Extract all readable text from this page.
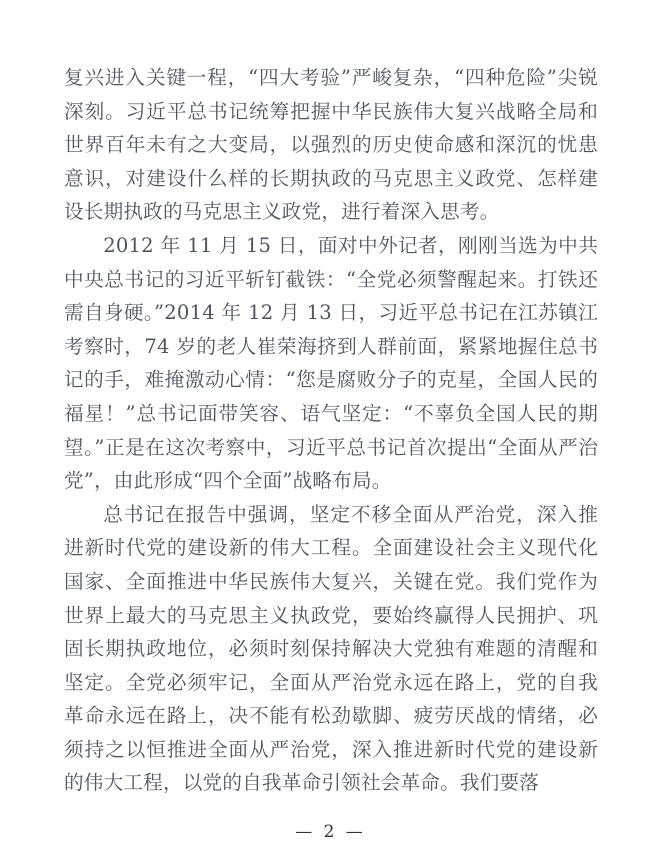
复兴进入关键一程，“四大考验”严峻复杂，“四种危险”尖锐深刻。习近平总书记统筹把握中华民族伟大复兴战略全局和世界百年未有之大变局，以强烈的历史使命感和深沉的忧患意识，对建设什么样的长期执政的马克思主义政党、怎样建设长期执政的马克思主义政党，进行着深入思考。
2012 年 11 月 15 日，面对中外记者，刚刚当选为中共中央总书记的习近平斩钉截铁：“全党必须警醒起来。打铁还需自身硬。”2014 年 12 月 13 日，习近平总书记在江苏镇江考察时，74 岁的老人崔荣海挤到人群前面，紧紧地握住总书记的手，难掩激动心情：“您是腐败分子的克星，全国人民的福星！”总书记面带笑容、语气坚定：“不辜负全国人民的期望。”正是在这次考察中，习近平总书记首次提出“全面从严治党”，由此形成“四个全面”战略布局。
总书记在报告中强调，坚定不移全面从严治党，深入推进新时代党的建设新的伟大工程。全面建设社会主义现代化国家、全面推进中华民族伟大复兴，关键在党。我们党作为世界上最大的马克思主义执政党，要始终赢得人民拥护、巩固长期执政地位，必须时刻保持解决大党独有难题的清醒和坚定。全党必须牢记，全面从严治党永远在路上，党的自我革命永远在路上，决不能有松劲歇脚、疲劳厌战的情绪，必须持之以恒推进全面从严治党，深入推进新时代党的建设新的伟大工程，以党的自我革命引领社会革命。我们要落
— 2 —
